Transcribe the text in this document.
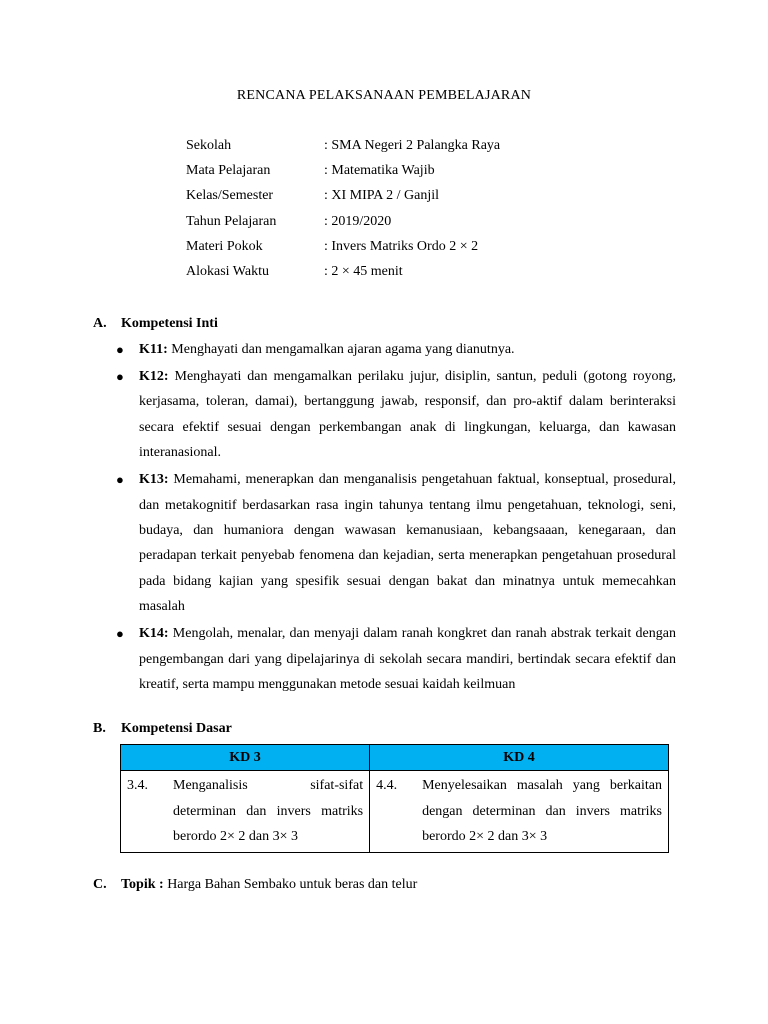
RENCANA PELAKSANAAN PEMBELAJARAN
Sekolah	: SMA Negeri 2 Palangka Raya
Mata Pelajaran	: Matematika Wajib
Kelas/Semester	: XI MIPA 2 / Ganjil
Tahun Pelajaran	: 2019/2020
Materi Pokok	: Invers Matriks Ordo 2 × 2
Alokasi Waktu	: 2 × 45 menit
A. Kompetensi Inti
● K11: Menghayati dan mengamalkan ajaran agama yang dianutnya.
● K12: Menghayati dan mengamalkan perilaku jujur, disiplin, santun, peduli (gotong royong, kerjasama, toleran, damai), bertanggung jawab, responsif, dan pro-aktif dalam berinteraksi secara efektif sesuai dengan perkembangan anak di lingkungan, keluarga, dan kawasan interanasional.
● K13: Memahami, menerapkan dan menganalisis pengetahuan faktual, konseptual, prosedural, dan metakognitif berdasarkan rasa ingin tahunya tentang ilmu pengetahuan, teknologi, seni, budaya, dan humaniora dengan wawasan kemanusiaan, kebangsaaan, kenegaraan, dan peradapan terkait penyebab fenomena dan kejadian, serta menerapkan pengetahuan prosedural pada bidang kajian yang spesifik sesuai dengan bakat dan minatnya untuk memecahkan masalah
● K14: Mengolah, menalar, dan menyaji dalam ranah kongkret dan ranah abstrak terkait dengan pengembangan dari yang dipelajarinya di sekolah secara mandiri, bertindak secara efektif dan kreatif, serta mampu menggunakan metode sesuai kaidah keilmuan
B. Kompetensi Dasar
KD 3	KD 4

3.4. Menganalisis sifat-sifat determinan dan invers matriks berordo 2× 2 dan 3× 3	4.4. Menyelesaikan masalah yang berkaitan dengan determinan dan invers matriks berordo 2× 2 dan 3× 3
C. Topik : Harga Bahan Sembako untuk beras dan telur
